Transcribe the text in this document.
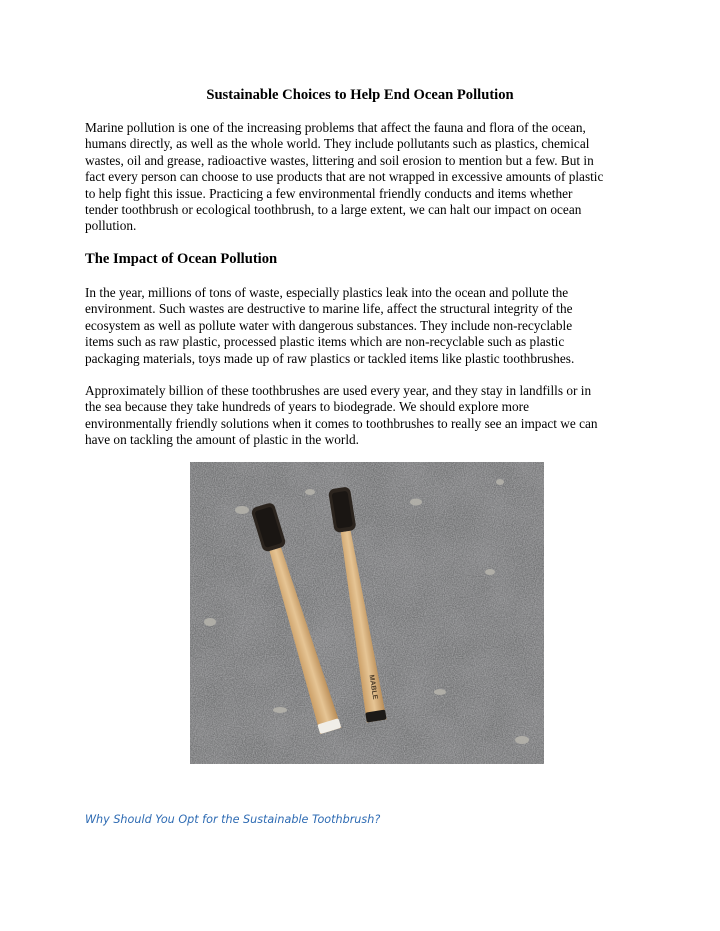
Sustainable Choices to Help End Ocean Pollution

Marine pollution is one of the increasing problems that affect the fauna and flora of the ocean,
humans directly, as well as the whole world. They include pollutants such as plastics, chemical
wastes, oil and grease, radioactive wastes, littering and soil erosion to mention but a few. But in
fact every person can choose to use products that are not wrapped in excessive amounts of plastic
to help fight this issue. Practicing a few environmental friendly conducts and items whether
tender toothbrush or ecological toothbrush, to a large extent, we can halt our impact on ocean
pollution.

The Impact of Ocean Pollution

In the year, millions of tons of waste, especially plastics leak into the ocean and pollute the
environment. Such wastes are destructive to marine life, affect the structural integrity of the
ecosystem as well as pollute water with dangerous substances. They include non-recyclable
items such as raw plastic, processed plastic items which are non-recyclable such as plastic
packaging materials, toys made up of raw plastics or tackled items like plastic toothbrushes.

Approximately billion of these toothbrushes are used every year, and they stay in landfills or in
the sea because they take hundreds of years to biodegrade. We should explore more
environmentally friendly solutions when it comes to toothbrushes to really see an impact we can
have on tackling the amount of plastic in the world.

MABLE
Why Should You Opt for the Sustainable Toothbrush?
